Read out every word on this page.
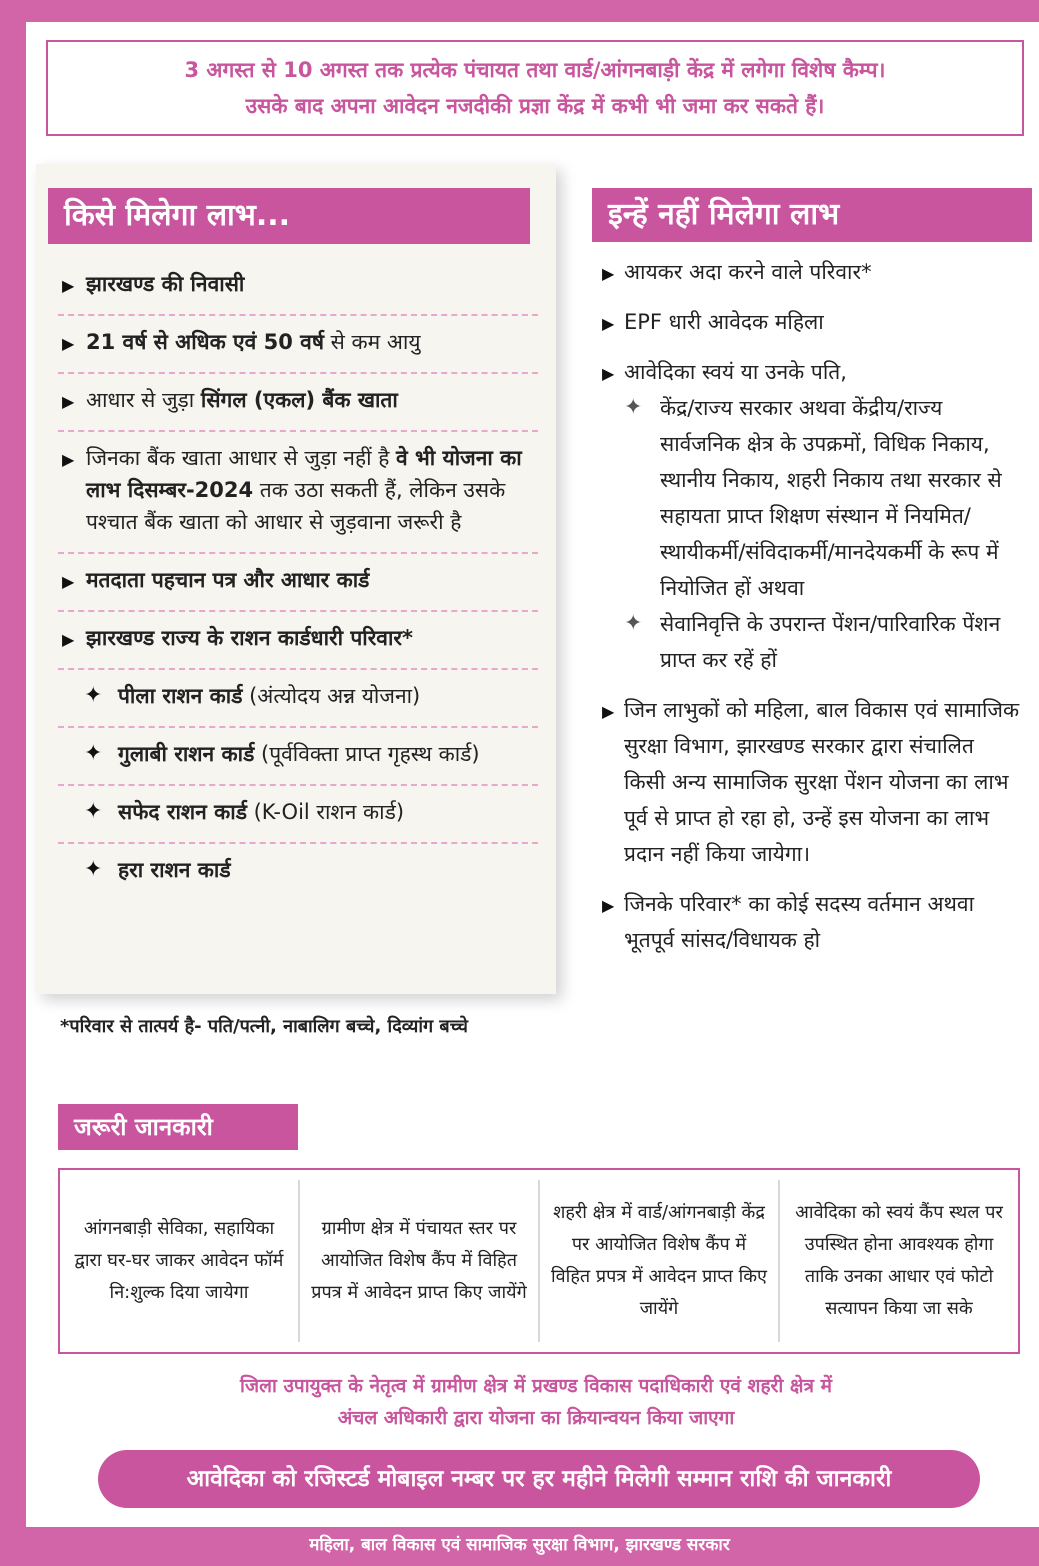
3 अगस्त से 10 अगस्त तक प्रत्येक पंचायत तथा वार्ड/आंगनबाड़ी केंद्र में लगेगा विशेष कैम्प।
उसके बाद अपना आवेदन नजदीकी प्रज्ञा केंद्र में कभी भी जमा कर सकते हैं।
किसे मिलेगा लाभ...
▶ झारखण्ड की निवासी
▶ 21 वर्ष से अधिक एवं 50 वर्ष से कम आयु
▶ आधार से जुड़ा सिंगल (एकल) बैंक खाता
▶ जिनका बैंक खाता आधार से जुड़ा नहीं है वे भी योजना का लाभ दिसम्बर-2024 तक उठा सकती हैं, लेकिन उसके पश्चात बैंक खाता को आधार से जुड़वाना जरूरी है
▶ मतदाता पहचान पत्र और आधार कार्ड
▶ झारखण्ड राज्य के राशन कार्डधारी परिवार*
✦ पीला राशन कार्ड (अंत्योदय अन्न योजना)
✦ गुलाबी राशन कार्ड (पूर्वविक्ता प्राप्त गृहस्थ कार्ड)
✦ सफेद राशन कार्ड (K-Oil राशन कार्ड)
✦ हरा राशन कार्ड
*परिवार से तात्पर्य है- पति/पत्नी, नाबालिग बच्चे, दिव्यांग बच्चे
इन्हें नहीं मिलेगा लाभ
▶ आयकर अदा करने वाले परिवार*
▶ EPF धारी आवेदक महिला
▶ आवेदिका स्वयं या उनके पति,
✦ केंद्र/राज्य सरकार अथवा केंद्रीय/राज्य सार्वजनिक क्षेत्र के उपक्रमों, विधिक निकाय, स्थानीय निकाय, शहरी निकाय तथा सरकार से सहायता प्राप्त शिक्षण संस्थान में नियमित/स्थायीकर्मी/संविदाकर्मी/मानदेयकर्मी के रूप में नियोजित हों अथवा
✦ सेवानिवृत्ति के उपरान्त पेंशन/पारिवारिक पेंशन प्राप्त कर रहें हों
▶ जिन लाभुकों को महिला, बाल विकास एवं सामाजिक सुरक्षा विभाग, झारखण्ड सरकार द्वारा संचालित किसी अन्य सामाजिक सुरक्षा पेंशन योजना का लाभ पूर्व से प्राप्त हो रहा हो, उन्हें इस योजना का लाभ प्रदान नहीं किया जायेगा।
▶ जिनके परिवार* का कोई सदस्य वर्तमान अथवा भूतपूर्व सांसद/विधायक हो
जरूरी जानकारी
आंगनबाड़ी सेविका, सहायिका द्वारा घर-घर जाकर आवेदन फॉर्म नि:शुल्क दिया जायेगा
ग्रामीण क्षेत्र में पंचायत स्तर पर आयोजित विशेष कैंप में विहित प्रपत्र में आवेदन प्राप्त किए जायेंगे
शहरी क्षेत्र में वार्ड/आंगनबाड़ी केंद्र पर आयोजित विशेष कैंप में विहित प्रपत्र में आवेदन प्राप्त किए जायेंगे
आवेदिका को स्वयं कैंप स्थल पर उपस्थित होना आवश्यक होगा ताकि उनका आधार एवं फोटो सत्यापन किया जा सके
जिला उपायुक्त के नेतृत्व में ग्रामीण क्षेत्र में प्रखण्ड विकास पदाधिकारी एवं शहरी क्षेत्र में
अंचल अधिकारी द्वारा योजना का क्रियान्वयन किया जाएगा
आवेदिका को रजिस्टर्ड मोबाइल नम्बर पर हर महीने मिलेगी सम्मान राशि की जानकारी
महिला, बाल विकास एवं सामाजिक सुरक्षा विभाग, झारखण्ड सरकार
